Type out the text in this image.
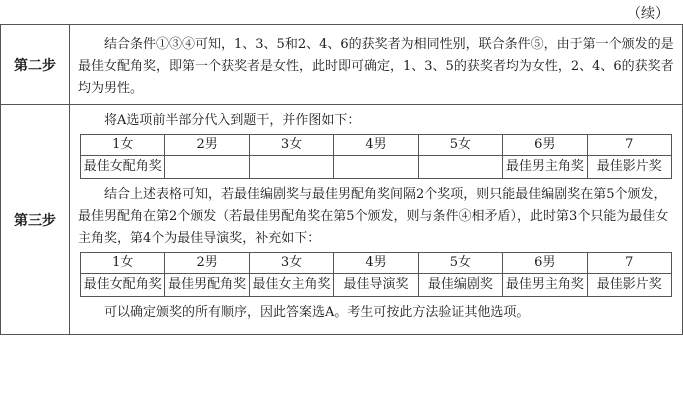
（续）
第二步	

结合条件①③④可知，1、3、5和2、4、6的获奖者为相同性别，联合条件⑤，由于第一个颁发的是最佳女配角奖，即第一个获奖者是女性，此时即可确定，1、3、5的获奖者均为女性，2、4、6的获奖者均为男性。

第三步	

将A选项前半部分代入到题干，并作图如下：

1女	2男	3女	4男	5女	6男	7
最佳女配角奖					最佳男主角奖	最佳影片奖

结合上述表格可知，若最佳编剧奖与最佳男配角奖间隔2个奖项，则只能最佳编剧奖在第5个颁发，最佳男配角在第2个颁发（若最佳男配角奖在第5个颁发，则与条件④相矛盾），此时第3个只能为最佳女主角奖，第4个为最佳导演奖，补充如下：

1女	2男	3女	4男	5女	6男	7
最佳女配角奖	最佳男配角奖	最佳女主角奖	最佳导演奖	最佳编剧奖	最佳男主角奖	最佳影片奖

可以确定颁奖的所有顺序，因此答案选A。考生可按此方法验证其他选项。
